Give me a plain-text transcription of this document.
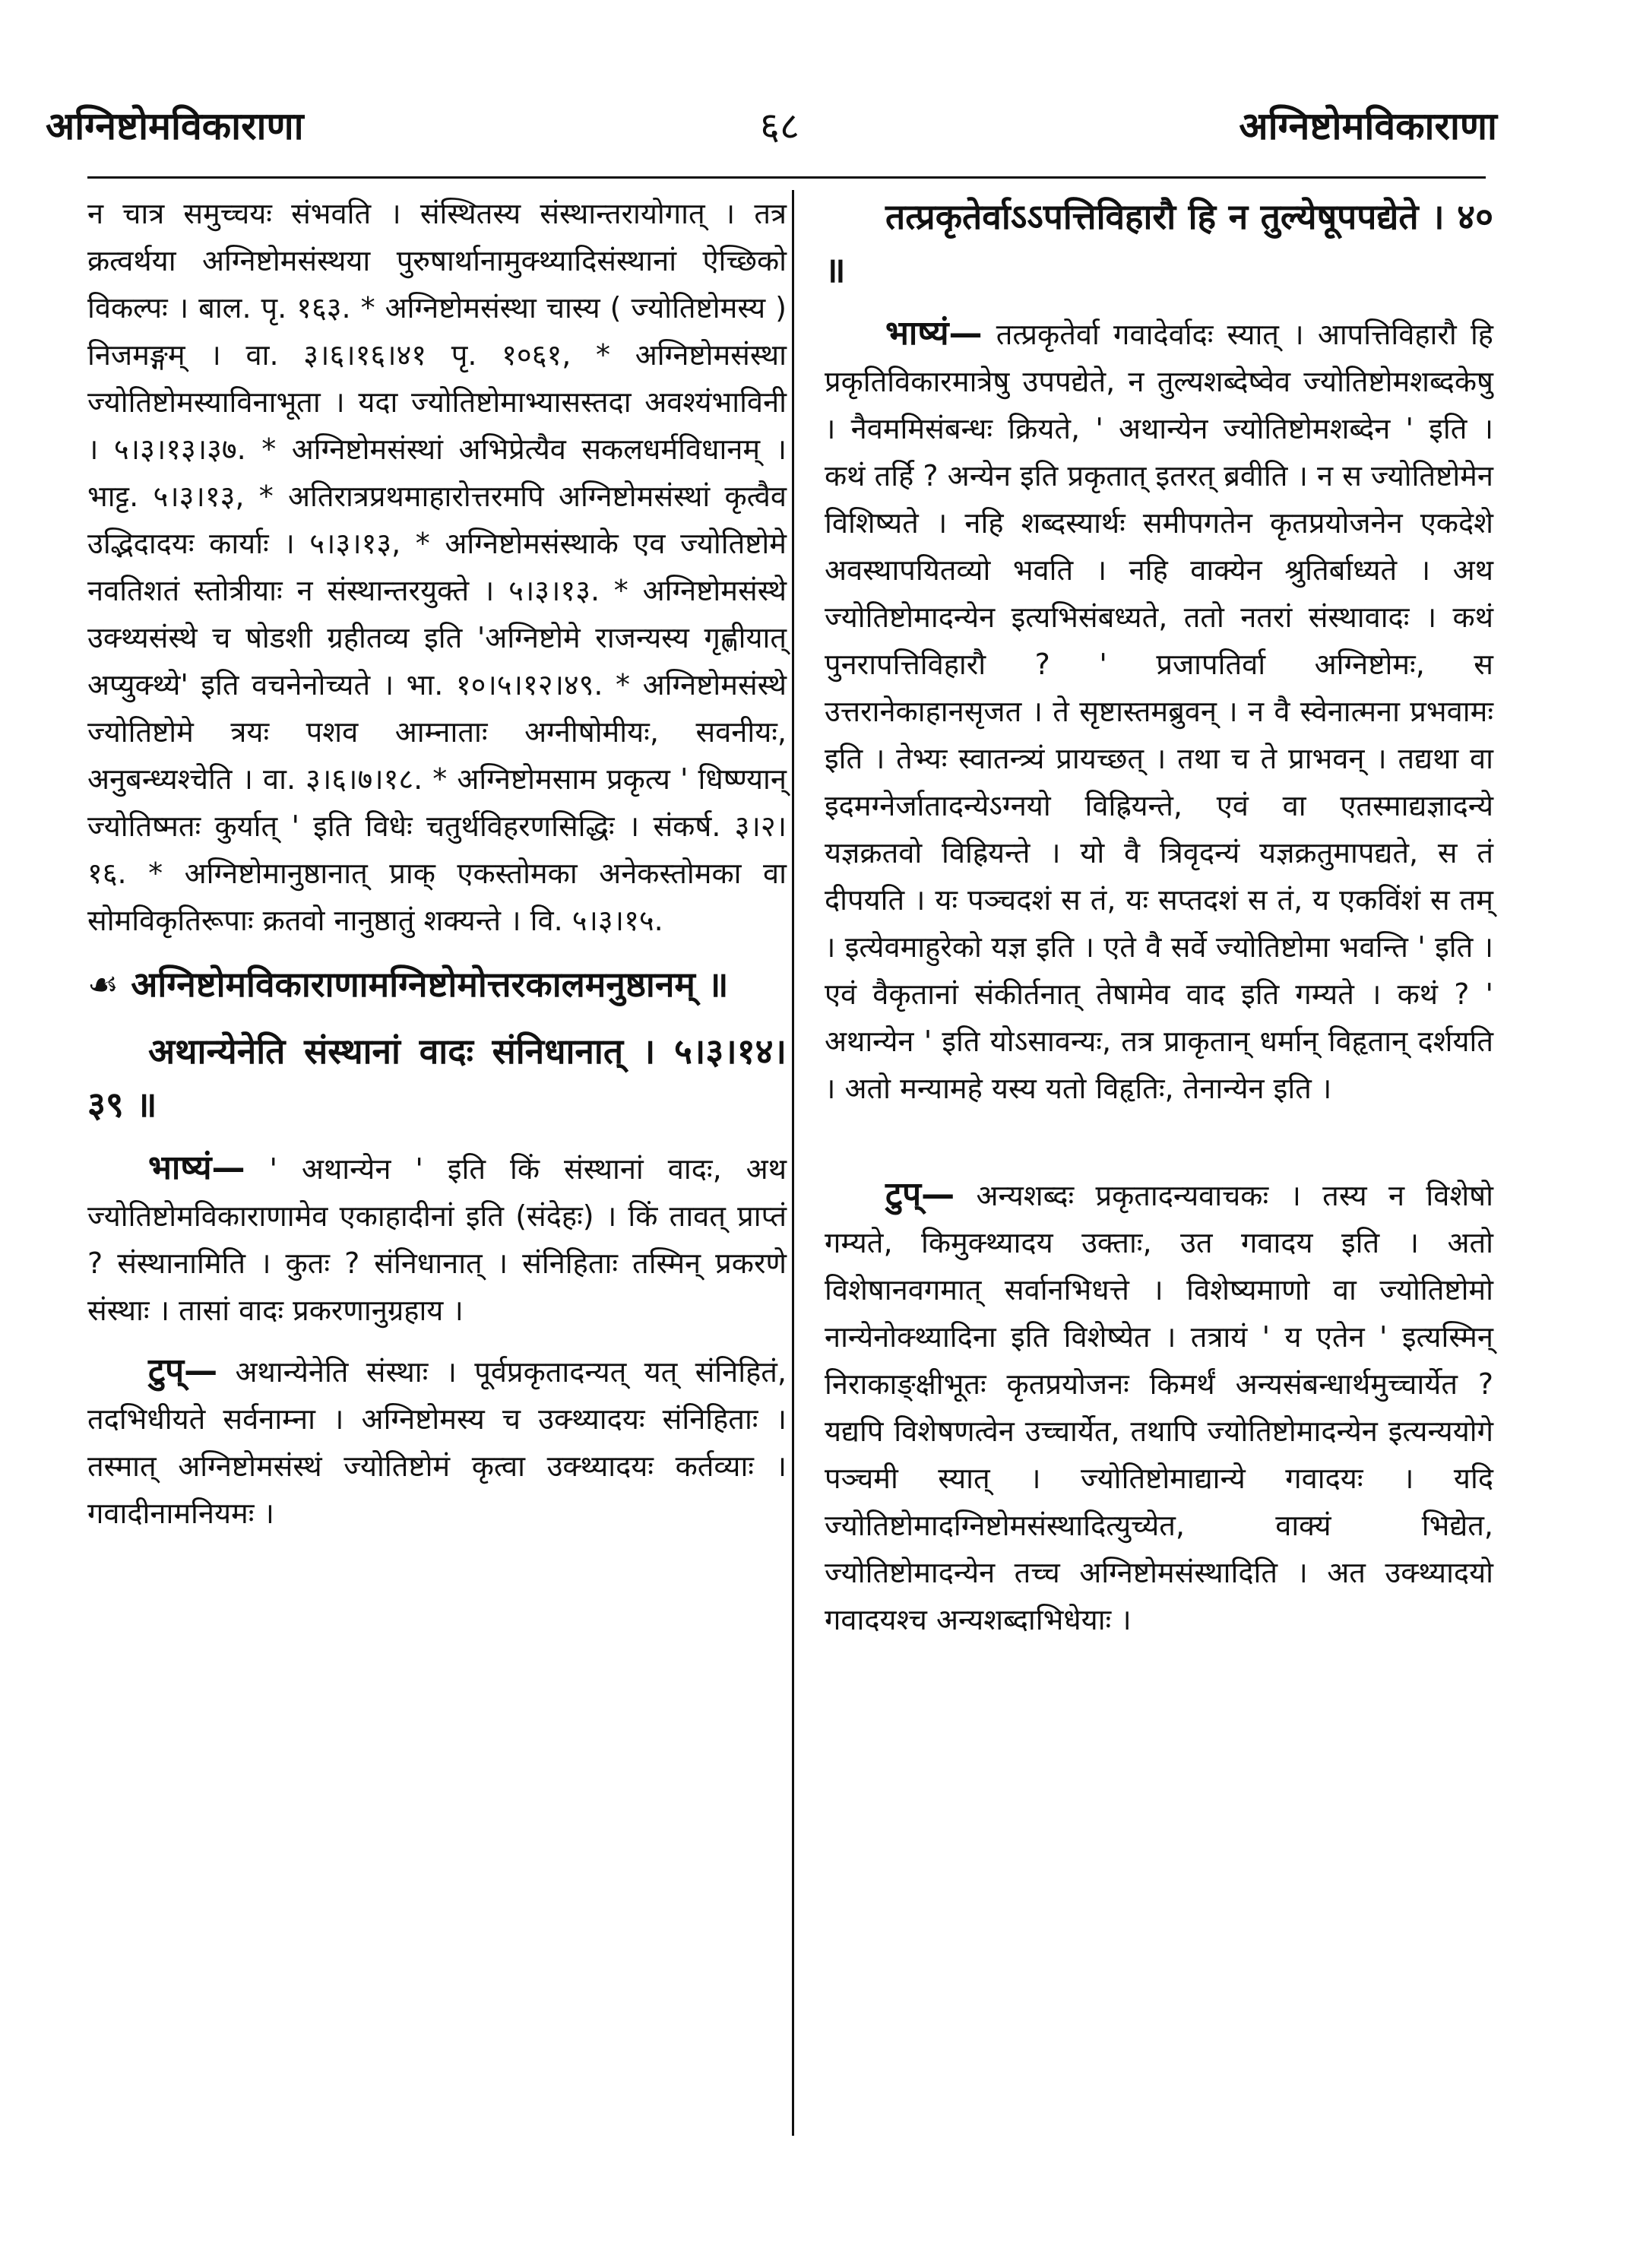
अग्निष्टोमविकाराणा	६८	अग्निष्टोमविकाराणा

न चात्र समुच्चयः संभवति । संस्थितस्य संस्थान्तरायोगात् । तत्र क्रत्वर्थया अग्निष्टोमसंस्थया पुरुषार्थानामुक्थ्यादिसंस्थानां ऐच्छिको विकल्पः । बाल. पृ. १६३. * अग्निष्टोमसंस्था चास्य ( ज्योतिष्टोमस्य ) निजमङ्गम् । वा. ३।६।१६।४१ पृ. १०६१, * अग्निष्टोमसंस्था ज्योतिष्टोमस्याविनाभूता । यदा ज्योतिष्टोमाभ्यासस्तदा अवश्यंभाविनी । ५।३।१३।३७. * अग्निष्टोमसंस्थां अभिप्रेत्यैव सकलधर्मविधानम् । भाट्ट. ५।३।१३, * अतिरात्रप्रथमाहारोत्तरमपि अग्निष्टोमसंस्थां कृत्वैव उद्भिदादयः कार्याः । ५।३।१३, * अग्निष्टोमसंस्थाके एव ज्योतिष्टोमे नवतिशतं स्तोत्रीयाः न संस्थान्तरयुक्ते । ५।३।१३. * अग्निष्टोमसंस्थे उक्थ्यसंस्थे च षोडशी ग्रहीतव्य इति 'अग्निष्टोमे राजन्यस्य गृह्णीयात् अप्युक्थ्ये' इति वचनेनोच्यते । भा. १०।५।१२।४९. * अग्निष्टोमसंस्थे ज्योतिष्टोमे त्रयः पशव आम्नाताः अग्नीषोमीयः, सवनीयः, अनुबन्ध्यश्चेति । वा. ३।६।७।१८. * अग्निष्टोमसाम प्रकृत्य ' धिष्ण्यान् ज्योतिष्मतः कुर्यात् ' इति विधेः चतुर्थविहरणसिद्धिः । संकर्ष. ३।२।१६. * अग्निष्टोमानुष्ठानात् प्राक् एकस्तोमका अनेकस्तोमका वा सोमविकृतिरूपाः क्रतवो नानुष्ठातुं शक्यन्ते । वि. ५।३।१५.

☙ अग्निष्टोमविकाराणामग्निष्टोमोत्तरकालमनुष्ठानम् ॥

अथान्येनेति संस्थानां वादः संनिधानात् । ५।३।१४।३९ ॥

भाष्यं— ' अथान्येन ' इति किं संस्थानां वादः, अथ ज्योतिष्टोमविकाराणामेव एकाहादीनां इति (संदेहः) । किं तावत् प्राप्तं ? संस्थानामिति । कुतः ? संनिधानात् । संनिहिताः तस्मिन् प्रकरणे संस्थाः । तासां वादः प्रकरणानुग्रहाय ।

टुप्— अथान्येनेति संस्थाः । पूर्वप्रकृतादन्यत् यत् संनिहितं, तदभिधीयते सर्वनाम्ना । अग्निष्टोमस्य च उक्थ्यादयः संनिहिताः । तस्मात् अग्निष्टोमसंस्थं ज्योतिष्टोमं कृत्वा उक्थ्यादयः कर्तव्याः । गवादीनामनियमः ।

तत्प्रकृतेर्वाऽऽपत्तिविहारौ हि न तुल्येषूपपद्येते । ४० ॥

भाष्यं— तत्प्रकृतेर्वा गवादेर्वादः स्यात् । आपत्तिविहारौ हि प्रकृतिविकारमात्रेषु उपपद्येते, न तुल्यशब्देष्वेव ज्योतिष्टोमशब्दकेषु । नैवममिसंबन्धः क्रियते, ' अथान्येन ज्योतिष्टोमशब्देन ' इति । कथं तर्हि ? अन्येन इति प्रकृतात् इतरत् ब्रवीति । न स ज्योतिष्टोमेन विशिष्यते । नहि शब्दस्यार्थः समीपगतेन कृतप्रयोजनेन एकदेशे अवस्थापयितव्यो भवति । नहि वाक्येन श्रुतिर्बाध्यते । अथ ज्योतिष्टोमादन्येन इत्यभिसंबध्यते, ततो नतरां संस्थावादः । कथं पुनरापत्तिविहारौ ? ' प्रजापतिर्वा अग्निष्टोमः, स उत्तरानेकाहानसृजत । ते सृष्टास्तमब्रुवन् । न वै स्वेनात्मना प्रभवामः इति । तेभ्यः स्वातन्त्र्यं प्रायच्छत् । तथा च ते प्राभवन् । तद्यथा वा इदमग्नेर्जातादन्येऽग्नयो विह्रियन्ते, एवं वा एतस्माद्यज्ञादन्ये यज्ञक्रतवो विह्रियन्ते । यो वै त्रिवृदन्यं यज्ञक्रतुमापद्यते, स तं दीपयति । यः पञ्चदशं स तं, यः सप्तदशं स तं, य एकविंशं स तम् । इत्येवमाहुरेको यज्ञ इति । एते वै सर्वे ज्योतिष्टोमा भवन्ति ' इति । एवं वैकृतानां संकीर्तनात् तेषामेव वाद इति गम्यते । कथं ? ' अथान्येन ' इति योऽसावन्यः, तत्र प्राकृतान् धर्मान् विहृतान् दर्शयति । अतो मन्यामहे यस्य यतो विहृतिः, तेनान्येन इति ।

टुप्— अन्यशब्दः प्रकृतादन्यवाचकः । तस्य न विशेषो गम्यते, किमुक्थ्यादय उक्ताः, उत गवादय इति । अतो विशेषानवगमात् सर्वानभिधत्ते । विशेष्यमाणो वा ज्योतिष्टोमो नान्येनोक्थ्यादिना इति विशेष्येत । तत्रायं ' य एतेन ' इत्यस्मिन् निराकाङ्क्षीभूतः कृतप्रयोजनः किमर्थं अन्यसंबन्धार्थमुच्चार्येत ? यद्यपि विशेषणत्वेन उच्चार्येत, तथापि ज्योतिष्टोमादन्येन इत्यन्ययोगे पञ्चमी स्यात् । ज्योतिष्टोमाद्यान्ये गवादयः । यदि ज्योतिष्टोमादग्निष्टोमसंस्थादित्युच्येत, वाक्यं भिद्येत, ज्योतिष्टोमादन्येन तच्च अग्निष्टोमसंस्थादिति । अत उक्थ्यादयो गवादयश्च अन्यशब्दाभिधेयाः ।
